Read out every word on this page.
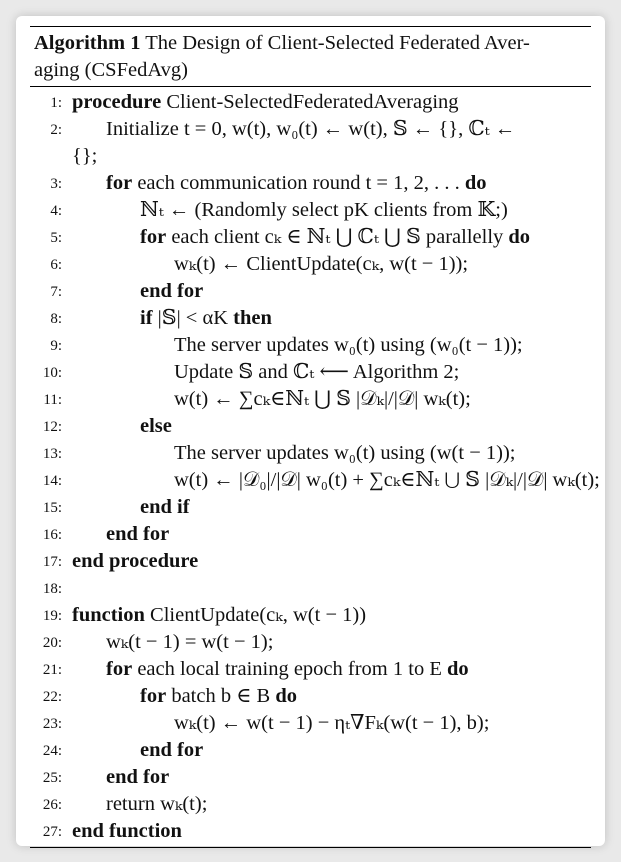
Algorithm 1 The Design of Client-Selected Federated Aver-
aging (CSFedAvg)
1: procedure Client-SelectedFederatedAveraging
2: Initialize t = 0, w(t), w₀(t) ← w(t), 𝕊 ← {}, ℂₜ ←
{};
3: for each communication round t = 1, 2, . . . do
4:	ℕₜ ← (Randomly select pK clients from 𝕂;)
5:	for each client cₖ ∈ ℕₜ ⋃ ℂₜ ⋃ 𝕊 parallelly do
6:	wₖ(t) ← ClientUpdate(cₖ, w(t − 1));
7:	end for
8:	if |𝕊| < αK then
9:	The server updates w₀(t) using (w₀(t − 1));
10:	Update 𝕊 and ℂₜ ⟵ Algorithm 2;
11:	w(t) ← ∑cₖ∈ℕₜ ⋃ 𝕊 |𝒟ₖ|/|𝒟| wₖ(t);
12:	else
13:	The server updates w₀(t) using (w(t − 1));
14:	w(t) ← |𝒟₀|/|𝒟| w₀(t) + ∑cₖ∈ℕₜ ⋃ 𝕊 |𝒟ₖ|/|𝒟| wₖ(t);
15:	end if
16: end for
17: end procedure
18:
19: function ClientUpdate(cₖ, w(t − 1))
20: wₖ(t − 1) = w(t − 1);
21: for each local training epoch from 1 to E do
22:	for batch b ∈ B do
23:	wₖ(t) ← w(t − 1) − ηₜ∇Fₖ(w(t − 1), b);
24:	end for
25: end for
26: return wₖ(t);
27: end function
